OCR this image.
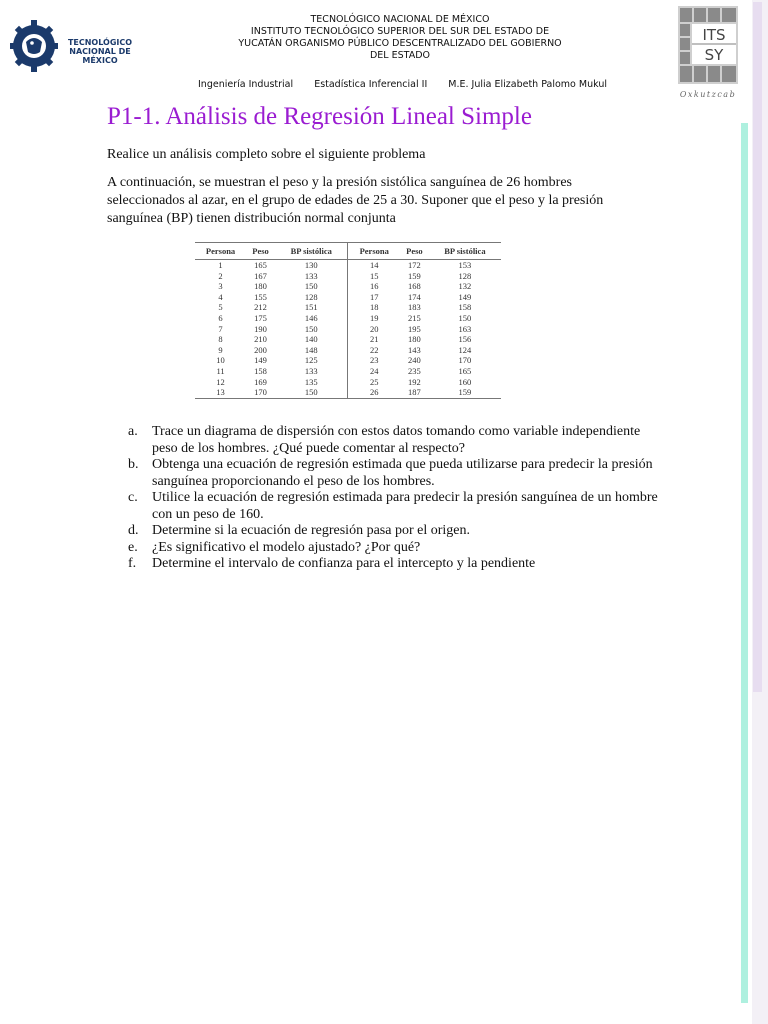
TECNOLÓGICO NACIONAL DE MÉXICO
TECNOLÓGICO NACIONAL DE MÉXICO
INSTITUTO TECNOLÓGICO SUPERIOR DEL SUR DEL ESTADO DE
YUCATÁN ORGANISMO PÚBLICO DESCENTRALIZADO DEL GOBIERNO
DEL ESTADO
Ingeniería Industrial Estadística Inferencial II M.E. Julia Elizabeth Palomo Mukul
ITS
SY
Oxkutzcab
P1-1. Análisis de Regresión Lineal Simple
Realice un análisis completo sobre el siguiente problema
A continuación, se muestran el peso y la presión sistólica sanguínea de 26 hombres seleccionados al azar, en el grupo de edades de 25 a 30. Suponer que el peso y la presión sanguínea (BP) tienen distribución normal conjunta
Persona	Peso	BP sistólica	Persona	Peso	BP sistólica
1	165	130	14	172	153
2	167	133	15	159	128
3	180	150	16	168	132
4	155	128	17	174	149
5	212	151	18	183	158
6	175	146	19	215	150
7	190	150	20	195	163
8	210	140	21	180	156
9	200	148	22	143	124
10	149	125	23	240	170
11	158	133	24	235	165
12	169	135	25	192	160
13	170	150	26	187	159
a. Trace un diagrama de dispersión con estos datos tomando como variable independiente peso de los hombres. ¿Qué puede comentar al respecto?
b. Obtenga una ecuación de regresión estimada que pueda utilizarse para predecir la presión sanguínea proporcionando el peso de los hombres.
c. Utilice la ecuación de regresión estimada para predecir la presión sanguínea de un hombre con un peso de 160.
d. Determine si la ecuación de regresión pasa por el origen.
e. ¿Es significativo el modelo ajustado? ¿Por qué?
f. Determine el intervalo de confianza para el intercepto y la pendiente
